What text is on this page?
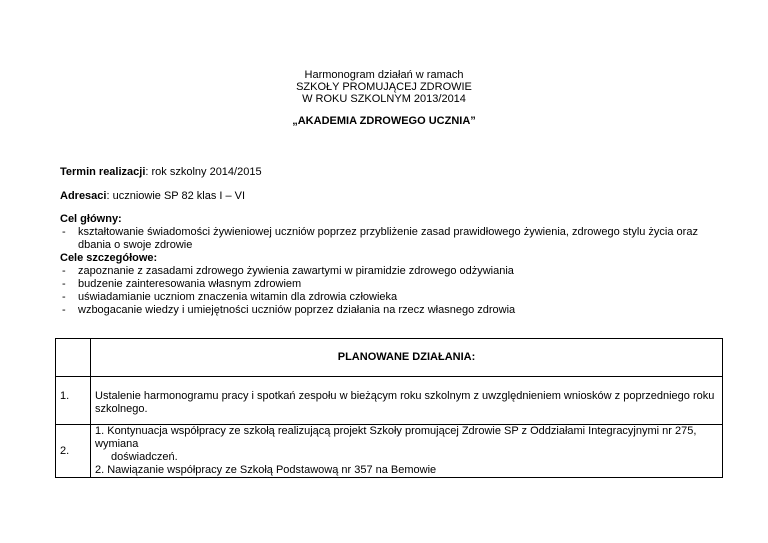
Harmonogram działań w ramach
SZKOŁY PROMUJĄCEJ ZDROWIE
W ROKU SZKOLNYM 2013/2014
„AKADEMIA ZDROWEGO UCZNIA”
Termin realizacji: rok szkolny 2014/2015
Adresaci: uczniowie SP 82 klas I – VI
Cel główny:
- kształtowanie świadomości żywieniowej uczniów poprzez przybliżenie zasad prawidłowego żywienia, zdrowego stylu życia oraz dbania o swoje zdrowie
Cele szczegółowe:
- zapoznanie z zasadami zdrowego żywienia zawartymi w piramidzie zdrowego odżywiania
- budzenie zainteresowania własnym zdrowiem
- uświadamianie uczniom znaczenia witamin dla zdrowia człowieka
- wzbogacanie wiedzy i umiejętności uczniów poprzez działania na rzecz własnego zdrowia
	PLANOWANE DZIAŁANIA:
1.	Ustalenie harmonogramu pracy i spotkań zespołu w bieżącym roku szkolnym z uwzględnieniem wniosków z poprzedniego roku szkolnego.

2.	1. Kontynuacja współpracy ze szkołą realizującą projekt Szkoły promującej Zdrowie SP z Oddziałami Integracyjnymi nr 275, wymiana
doświadczeń.
2. Nawiązanie współpracy ze Szkołą Podstawową nr 357 na Bemowie
